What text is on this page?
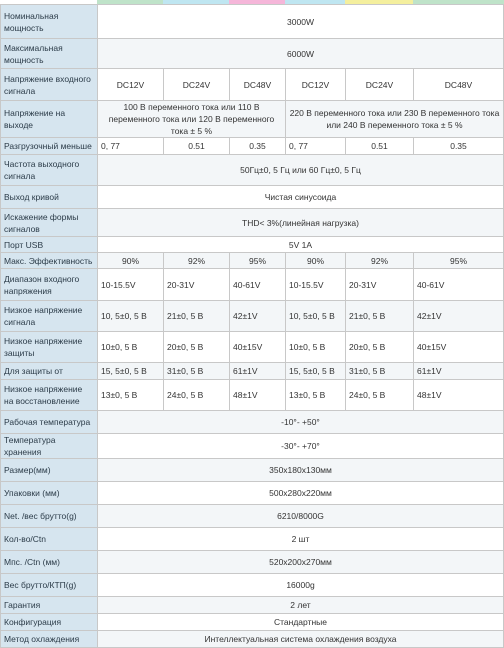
Номинальная мощность	3000W					
Максимальная мощность	6000W					
Напряжение входного сигнала	DC12V	DC24V	DC48V	DC12V	DC24V	DC48V
Напряжение на выходе	100 В переменного тока или 110 В переменного тока или 120 В переменного тока ± 5 %			220 В переменного тока или 230 В переменного тока или 240 В переменного тока ± 5 %		
Разгрузочный меньше	0, 77	0.51	0.35	0, 77	0.51	0.35
Частота выходного сигнала	50Гц±0, 5 Гц или 60 Гц±0, 5 Гц					
Выход кривой	Чистая синусоида					
Искажение формы сигналов	THD< 3%(линейная нагрузка)					
Порт USB	5V 1A					
Макс. Эффективность	90%	92%	95%	90%	92%	95%
Диапазон входного напряжения	10-15.5V	20-31V	40-61V	10-15.5V	20-31V	40-61V
Низкое напряжение сигнала	10, 5±0, 5 В	21±0, 5 В	42±1V	10, 5±0, 5 В	21±0, 5 В	42±1V
Низкое напряжение защиты	10±0, 5 В	20±0, 5 В	40±15V	10±0, 5 В	20±0, 5 В	40±15V
Для защиты от	15, 5±0, 5 В	31±0, 5 В	61±1V	15, 5±0, 5 В	31±0, 5 В	61±1V
Низкое напряжение на восстановление	13±0, 5 В	24±0, 5 В	48±1V	13±0, 5 В	24±0, 5 В	48±1V
Рабочая температура	-10°- +50°					
Температура хранения	-30°- +70°					
Размер(мм)	350x180x130мм					
Упаковки (мм)	500x280x220мм					
Net. /вес брутто(g)	6210/8000G					
Кол-во/Ctn	2 шт					
Мпс. /Ctn (мм)	520x200x270мм					
Вес брутто/КТП(g)	16000g					
Гарантия	2 лет					
Конфигурация	Стандартные					
Метод охлаждения	Интеллектуальная система охлаждения воздуха					
